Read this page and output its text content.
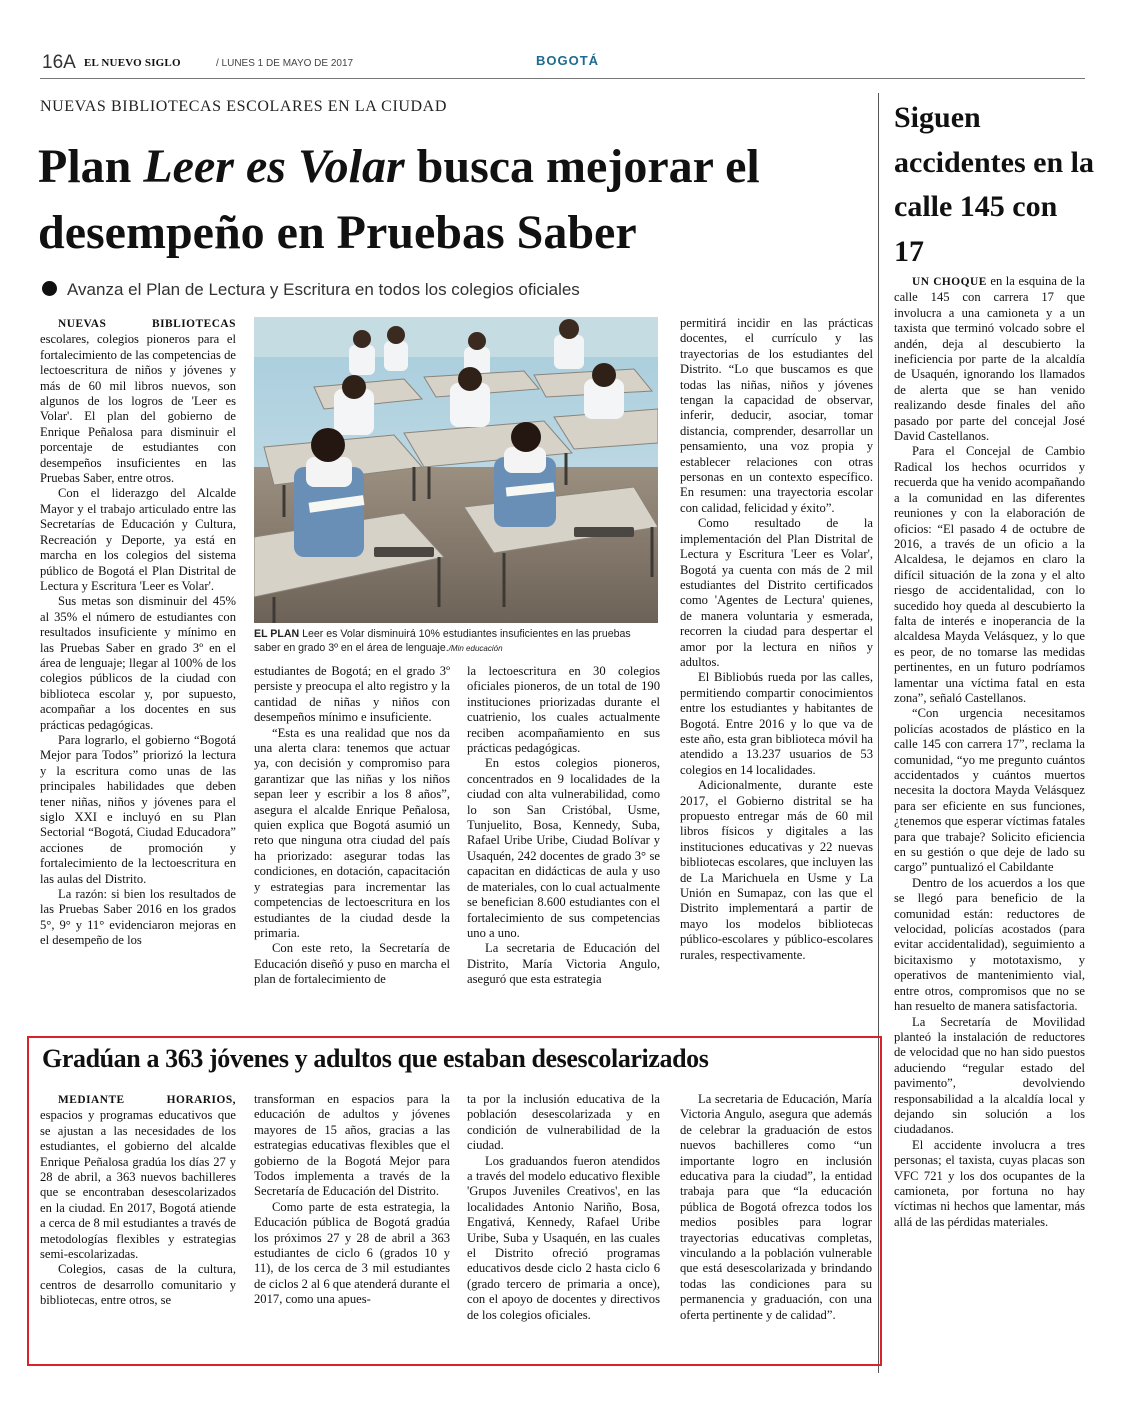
16A EL NUEVO SIGLO	/ LUNES 1 DE MAYO DE 2017	BOGOTÁ
NUEVAS BIBLIOTECAS ESCOLARES EN LA CIUDAD
Plan Leer es Volar busca mejorar el desempeño en Pruebas Saber
Avanza el Plan de Lectura y Escritura en todos los colegios oficiales

NUEVAS BIBLIOTECAS escolares, colegios pioneros para el fortalecimiento de las competencias de lectoescritura de niños y jóvenes y más de 60 mil libros nuevos, son algunos de los logros de 'Leer es Volar'. El plan del gobierno de Enrique Peñalosa para disminuir el porcentaje de estudiantes con desempeños insuficientes en las Pruebas Saber, entre otros.

Con el liderazgo del Alcalde Mayor y el trabajo articulado entre las Secretarías de Educación y Cultura, Recreación y Deporte, ya está en marcha en los colegios del sistema público de Bogotá el Plan Distrital de Lectura y Escritura 'Leer es Volar'.

Sus metas son disminuir del 45% al 35% el número de estudiantes con resultados insuficiente y mínimo en las Pruebas Saber en grado 3º en el área de lenguaje; llegar al 100% de los colegios públicos de la ciudad con biblioteca escolar y, por supuesto, acompañar a los docentes en sus prácticas pedagógicas.

Para lograrlo, el gobierno “Bogotá Mejor para Todos” priorizó la lectura y la escritura como unas de las principales habilidades que deben tener niñas, niños y jóvenes para el siglo XXI e incluyó en su Plan Sectorial “Bogotá, Ciudad Educadora” acciones de promoción y fortalecimiento de la lectoescritura en las aulas del Distrito.

La razón: si bien los resultados de las Pruebas Saber 2016 en los grados 5°, 9° y 11° evidenciaron mejoras en el desempeño de los

EL PLAN Leer es Volar disminuirá 10% estudiantes insuficientes en las pruebas saber en grado 3º en el área de lenguaje./Min educación

estudiantes de Bogotá; en el grado 3º persiste y preocupa el alto registro y la cantidad de niñas y niños con desempeños mínimo e insuficiente.

“Esta es una realidad que nos da una alerta clara: tenemos que actuar ya, con decisión y compromiso para garantizar que las niñas y los niños sepan leer y escribir a los 8 años”, asegura el alcalde Enrique Peñalosa, quien explica que Bogotá asumió un reto que ninguna otra ciudad del país ha priorizado: asegurar todas las condiciones, en dotación, capacitación y estrategias para incrementar las competencias de lectoescritura en los estudiantes de la ciudad desde la primaria.

Con este reto, la Secretaría de Educación diseñó y puso en marcha el plan de fortalecimiento de

la lectoescritura en 30 colegios oficiales pioneros, de un total de 190 instituciones priorizadas durante el cuatrienio, los cuales actualmente reciben acompañamiento en sus prácticas pedagógicas.

En estos colegios pioneros, concentrados en 9 localidades de la ciudad con alta vulnerabilidad, como lo son San Cristóbal, Usme, Tunjuelito, Bosa, Kennedy, Suba, Rafael Uribe Uribe, Ciudad Bolívar y Usaquén, 242 docentes de grado 3° se capacitan en didácticas de aula y uso de materiales, con lo cual actualmente se benefician 8.600 estudiantes con el fortalecimiento de sus competencias uno a uno.

La secretaria de Educación del Distrito, María Victoria Angulo, aseguró que esta estrategia

permitirá incidir en las prácticas docentes, el currículo y las trayectorias de los estudiantes del Distrito. “Lo que buscamos es que todas las niñas, niños y jóvenes tengan la capacidad de observar, inferir, deducir, asociar, tomar distancia, comprender, desarrollar un pensamiento, una voz propia y establecer relaciones con otras personas en un contexto específico. En resumen: una trayectoria escolar con calidad, felicidad y éxito”.

Como resultado de la implementación del Plan Distrital de Lectura y Escritura 'Leer es Volar', Bogotá ya cuenta con más de 2 mil estudiantes del Distrito certificados como 'Agentes de Lectura' quienes, de manera voluntaria y esmerada, recorren la ciudad para despertar el amor por la lectura en niños y adultos.

El Bibliobús rueda por las calles, permitiendo compartir conocimientos entre los estudiantes y habitantes de Bogotá. Entre 2016 y lo que va de este año, esta gran biblioteca móvil ha atendido a 13.237 usuarios de 53 colegios en 14 localidades.

Adicionalmente, durante este 2017, el Gobierno distrital se ha propuesto entregar más de 60 mil libros físicos y digitales a las instituciones educativas y 22 nuevas bibliotecas escolares, que incluyen las de La Marichuela en Usme y La Unión en Sumapaz, con las que el Distrito implementará a partir de mayo los modelos bibliotecas público-escolares y público-escolares rurales, respectivamente.

Siguen accidentes en la calle 145 con 17

UN CHOQUE en la esquina de la calle 145 con carrera 17 que involucra a una camioneta y a un taxista que terminó volcado sobre el andén, deja al descubierto la ineficiencia por parte de la alcaldía de Usaquén, ignorando los llamados de alerta que se han venido realizando desde finales del año pasado por parte del concejal José David Castellanos.

Para el Concejal de Cambio Radical los hechos ocurridos y recuerda que ha venido acompañando a la comunidad en las diferentes reuniones y con la elaboración de oficios: “El pasado 4 de octubre de 2016, a través de un oficio a la Alcaldesa, le dejamos en claro la difícil situación de la zona y el alto riesgo de accidentalidad, con lo sucedido hoy queda al descubierto la falta de interés e inoperancia de la alcaldesa Mayda Velásquez, y lo que es peor, de no tomarse las medidas pertinentes, en un futuro podríamos lamentar una víctima fatal en esta zona”, señaló Castellanos.

“Con urgencia necesitamos policías acostados de plástico en la calle 145 con carrera 17”, reclama la comunidad, “yo me pregunto cuántos accidentados y cuántos muertos necesita la doctora Mayda Velásquez para ser eficiente en sus funciones, ¿tenemos que esperar víctimas fatales para que trabaje? Solicito eficiencia en su gestión o que deje de lado su cargo” puntualizó el Cabildante

Dentro de los acuerdos a los que se llegó para beneficio de la comunidad están: reductores de velocidad, policías acostados (para evitar accidentalidad), seguimiento a bicitaxismo y mototaxismo, y operativos de mantenimiento vial, entre otros, compromisos que no se han resuelto de manera satisfactoria.

La Secretaría de Movilidad planteó la instalación de reductores de velocidad que no han sido puestos aduciendo “regular estado del pavimento”, devolviendo responsabilidad a la alcaldía local y dejando sin solución a los ciudadanos.

El accidente involucra a tres personas; el taxista, cuyas placas son VFC 721 y los dos ocupantes de la camioneta, por fortuna no hay víctimas ni hechos que lamentar, más allá de las pérdidas materiales.

Gradúan a 363 jóvenes y adultos que estaban desescolarizados

MEDIANTE HORARIOS, espacios y programas educativos que se ajustan a las necesidades de los estudiantes, el gobierno del alcalde Enrique Peñalosa gradúa los días 27 y 28 de abril, a 363 nuevos bachilleres que se encontraban desescolarizados en la ciudad. En 2017, Bogotá atiende a cerca de 8 mil estudiantes a través de metodologías flexibles y estrategias semi-escolarizadas.

Colegios, casas de la cultura, centros de desarrollo comunitario y bibliotecas, entre otros, se

transforman en espacios para la educación de adultos y jóvenes mayores de 15 años, gracias a las estrategias educativas flexibles que el gobierno de la Bogotá Mejor para Todos implementa a través de la Secretaría de Educación del Distrito.

Como parte de esta estrategia, la Educación pública de Bogotá gradúa los próximos 27 y 28 de abril a 363 estudiantes de ciclo 6 (grados 10 y 11), de los cerca de 3 mil estudiantes de ciclos 2 al 6 que atenderá durante el 2017, como una apues-

ta por la inclusión educativa de la población desescolarizada y en condición de vulnerabilidad de la ciudad.

Los graduandos fueron atendidos a través del modelo educativo flexible 'Grupos Juveniles Creativos', en las localidades Antonio Nariño, Bosa, Engativá, Kennedy, Rafael Uribe Uribe, Suba y Usaquén, en las cuales el Distrito ofreció programas educativos desde ciclo 2 hasta ciclo 6 (grado tercero de primaria a once), con el apoyo de docentes y directivos de los colegios oficiales.

La secretaria de Educación, María Victoria Angulo, asegura que además de celebrar la graduación de estos nuevos bachilleres como “un importante logro en inclusión educativa para la ciudad”, la entidad trabaja para que “la educación pública de Bogotá ofrezca todos los medios posibles para lograr trayectorias educativas completas, vinculando a la población vulnerable que está desescolarizada y brindando todas las condiciones para su permanencia y graduación, con una oferta pertinente y de calidad”.
